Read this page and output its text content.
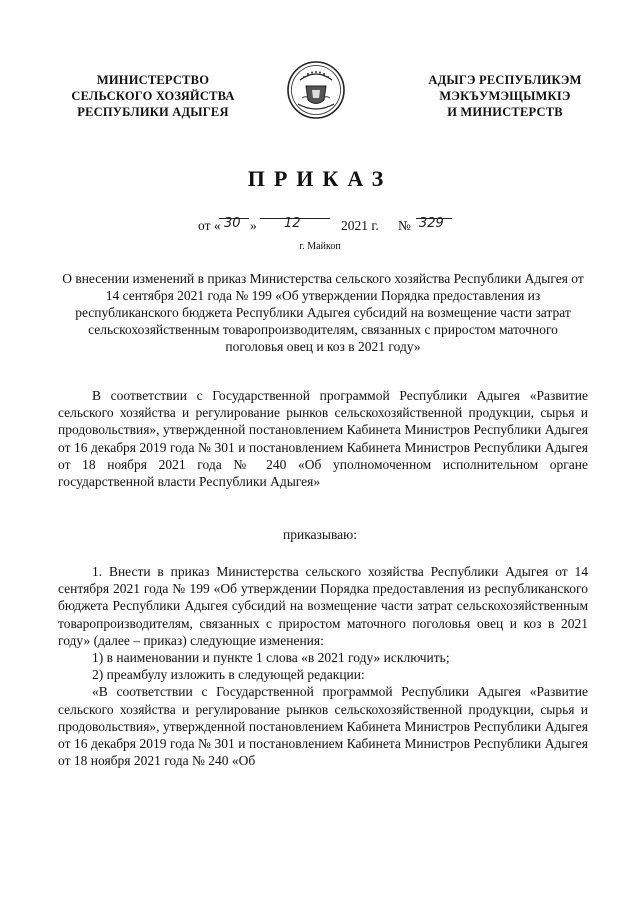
МИНИСТЕРСТВО
СЕЛЬСКОГО ХОЗЯЙСТВА
РЕСПУБЛИКИ АДЫГЕЯ
АДЫГЭ РЕСПУБЛИКЭМ
МЭКЪУМЭЩЫМКІЭ
И МИНИСТЕРСТВ
ПРИКАЗ
от « 30 » 12	2021 г. № 329
г. Майкоп
О внесении изменений в приказ Министерства сельского хозяйства Республики Адыгея от 14 сентября 2021 года № 199 «Об утверждении Порядка предоставления из республиканского бюджета Республики Адыгея субсидий на возмещение части затрат сельскохозяйственным товаропроизводителям, связанных с приростом маточного поголовья овец и коз в 2021 году»

В соответствии с Государственной программой Республики Адыгея «Развитие сельского хозяйства и регулирование рынков сельскохозяйственной продукции, сырья и продовольствия», утвержденной постановлением Кабинета Министров Республики Адыгея от 16 декабря 2019 года № 301 и постановлением Кабинета Министров Республики Адыгея от 18 ноября 2021 года № 240 «Об уполномоченном исполнительном органе государственной власти Республики Адыгея»

приказываю:

1. Внести в приказ Министерства сельского хозяйства Республики Адыгея от 14 сентября 2021 года № 199 «Об утверждении Порядка предоставления из республиканского бюджета Республики Адыгея субсидий на возмещение части затрат сельскохозяйственным товаропроизводителям, связанных с приростом маточного поголовья овец и коз в 2021 году» (далее – приказ) следующие изменения:

1) в наименовании и пункте 1 слова «в 2021 году» исключить;

2) преамбулу изложить в следующей редакции:

«В соответствии с Государственной программой Республики Адыгея «Развитие сельского хозяйства и регулирование рынков сельскохозяйственной продукции, сырья и продовольствия», утвержденной постановлением Кабинета Министров Республики Адыгея от 16 декабря 2019 года № 301 и постановлением Кабинета Министров Республики Адыгея от 18 ноября 2021 года № 240 «Об
